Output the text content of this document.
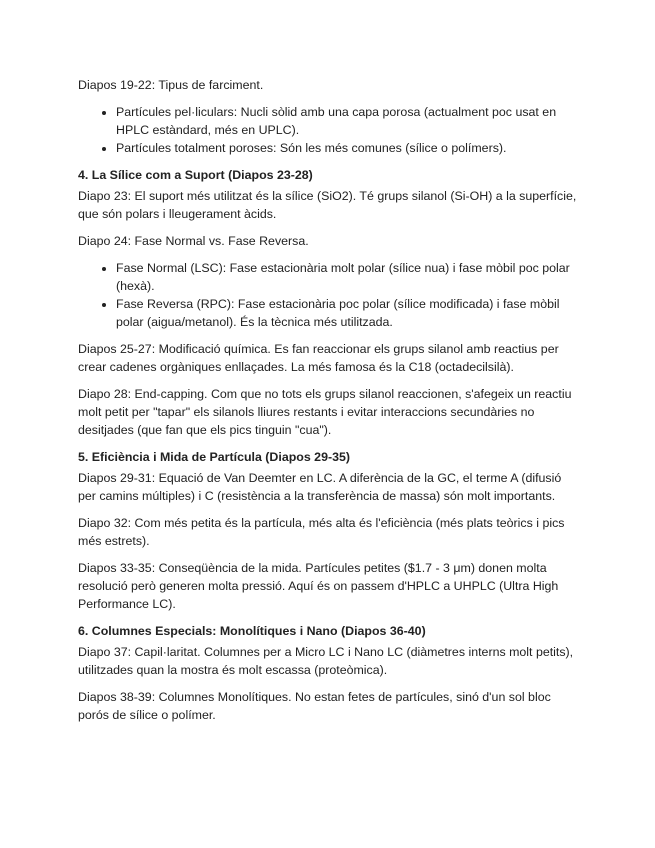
Diapos 19-22: Tipus de farciment.

• Partícules pel·liculars: Nucli sòlid amb una capa porosa (actualment poc usat en HPLC estàndard, més en UPLC).
• Partícules totalment poroses: Són les més comunes (sílice o polímers).
4. La Sílice com a Suport (Diapos 23-28)

Diapo 23: El suport més utilitzat és la sílice (SiO2). Té grups silanol (Si-OH) a la superfície, que són polars i lleugerament àcids.

Diapo 24: Fase Normal vs. Fase Reversa.

• Fase Normal (LSC): Fase estacionària molt polar (sílice nua) i fase mòbil poc polar (hexà).
• Fase Reversa (RPC): Fase estacionària poc polar (sílice modificada) i fase mòbil polar (aigua/metanol). És la tècnica més utilitzada.

Diapos 25-27: Modificació química. Es fan reaccionar els grups silanol amb reactius per crear cadenes orgàniques enllaçades. La més famosa és la C18 (octadecilsilà).

Diapo 28: End-capping. Com que no tots els grups silanol reaccionen, s'afegeix un reactiu molt petit per "tapar" els silanols lliures restants i evitar interaccions secundàries no desitjades (que fan que els pics tinguin "cua").

5. Eficiència i Mida de Partícula (Diapos 29-35)

Diapos 29-31: Equació de Van Deemter en LC. A diferència de la GC, el terme A (difusió per camins múltiples) i C (resistència a la transferència de massa) són molt importants.

Diapo 32: Com més petita és la partícula, més alta és l'eficiència (més plats teòrics i pics més estrets).

Diapos 33-35: Conseqüència de la mida. Partícules petites ($1.7 - 3 μm) donen molta resolució però generen molta pressió. Aquí és on passem d'HPLC a UHPLC (Ultra High Performance LC).

6. Columnes Especials: Monolítiques i Nano (Diapos 36-40)

Diapo 37: Capil·laritat. Columnes per a Micro LC i Nano LC (diàmetres interns molt petits), utilitzades quan la mostra és molt escassa (proteòmica).

Diapos 38-39: Columnes Monolítiques. No estan fetes de partícules, sinó d'un sol bloc porós de sílice o polímer.
